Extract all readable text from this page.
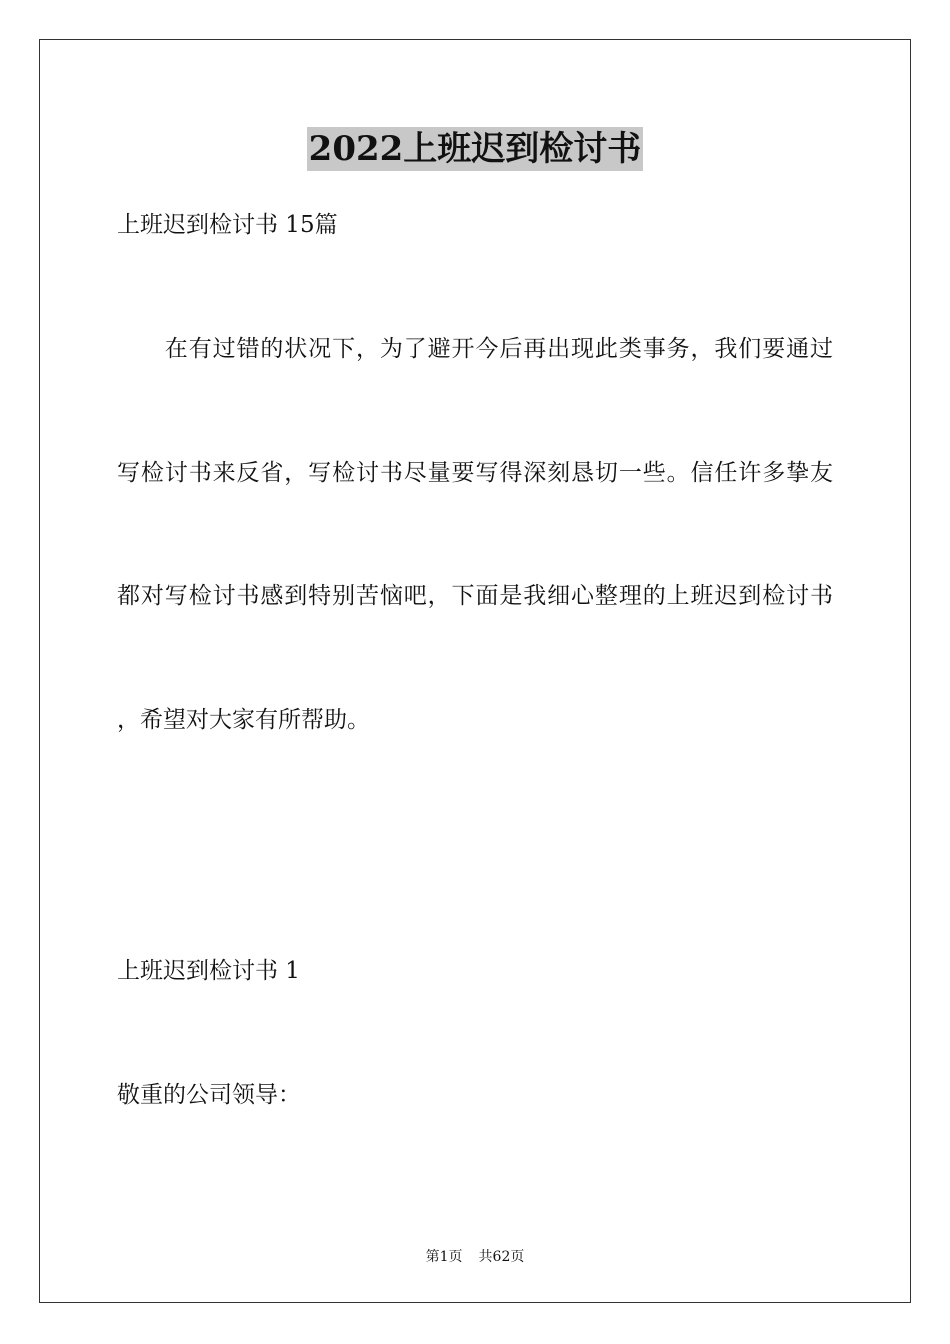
2022上班迟到检讨书
上班迟到检讨书 15篇
　　在有过错的状况下，为了避开今后再出现此类事务，我们要通过
写检讨书来反省，写检讨书尽量要写得深刻恳切一些。信任许多挚友
都对写检讨书感到特别苦恼吧，下面是我细心整理的上班迟到检讨书
，希望对大家有所帮助。
上班迟到检讨书 1
敬重的公司领导：
第1页 共62页
